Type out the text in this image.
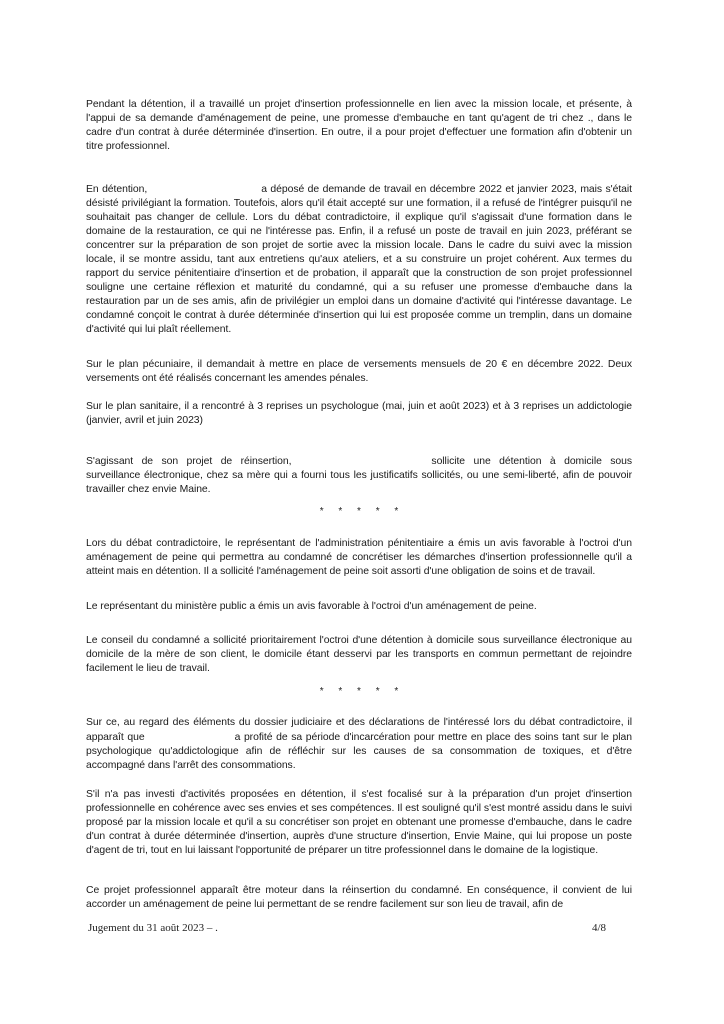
Pendant la détention, il a travaillé un projet d'insertion professionnelle en lien avec la mission locale, et présente, à l'appui de sa demande d'aménagement de peine, une promesse d'embauche en tant qu'agent de tri chez ., dans le cadre d'un contrat à durée déterminée d'insertion. En outre, il a pour projet d'effectuer une formation afin d'obtenir un titre professionnel.
En détention,	a déposé de demande de travail en décembre 2022 et janvier 2023, mais s'était désisté privilégiant la formation. Toutefois, alors qu'il était accepté sur une formation, il a refusé de l'intégrer puisqu'il ne souhaitait pas changer de cellule. Lors du débat contradictoire, il explique qu'il s'agissait d'une formation dans le domaine de la restauration, ce qui ne l'intéresse pas. Enfin, il a refusé un poste de travail en juin 2023, préférant se concentrer sur la préparation de son projet de sortie avec la mission locale. Dans le cadre du suivi avec la mission locale, il se montre assidu, tant aux entretiens qu'aux ateliers, et a su construire un projet cohérent. Aux termes du rapport du service pénitentiaire d'insertion et de probation, il apparaît que la construction de son projet professionnel souligne une certaine réflexion et maturité du condamné, qui a su refuser une promesse d'embauche dans la restauration par un de ses amis, afin de privilégier un emploi dans un domaine d'activité qui l'intéresse davantage. Le condamné conçoit le contrat à durée déterminée d'insertion qui lui est proposée comme un tremplin, dans un domaine d'activité qui lui plaît réellement.
Sur le plan pécuniaire, il demandait à mettre en place de versements mensuels de 20 € en décembre 2022. Deux versements ont été réalisés concernant les amendes pénales.
Sur le plan sanitaire, il a rencontré à 3 reprises un psychologue (mai, juin et août 2023) et à 3 reprises un addictologie (janvier, avril et juin 2023)
S'agissant de son projet de réinsertion,	sollicite une détention à domicile sous surveillance électronique, chez sa mère qui a fourni tous les justificatifs sollicités, ou une semi-liberté, afin de pouvoir travailler chez envie Maine.
* * * * *
Lors du débat contradictoire, le représentant de l'administration pénitentiaire a émis un avis favorable à l'octroi d'un aménagement de peine qui permettra au condamné de concrétiser les démarches d'insertion professionnelle qu'il a atteint mais en détention. Il a sollicité l'aménagement de peine soit assorti d'une obligation de soins et de travail.
Le représentant du ministère public a émis un avis favorable à l'octroi d'un aménagement de peine.
Le conseil du condamné a sollicité prioritairement l'octroi d'une détention à domicile sous surveillance électronique au domicile de la mère de son client, le domicile étant desservi par les transports en commun permettant de rejoindre facilement le lieu de travail.
* * * * *
Sur ce, au regard des éléments du dossier judiciaire et des déclarations de l'intéressé lors du débat contradictoire, il apparaît que	a profité de sa période d'incarcération pour mettre en place des soins tant sur le plan psychologique qu'addictologique afin de réfléchir sur les causes de sa consommation de toxiques, et d'être accompagné dans l'arrêt des consommations.
S'il n'a pas investi d'activités proposées en détention, il s'est focalisé sur à la préparation d'un projet d'insertion professionnelle en cohérence avec ses envies et ses compétences. Il est souligné qu'il s'est montré assidu dans le suivi proposé par la mission locale et qu'il a su concrétiser son projet en obtenant une promesse d'embauche, dans le cadre d'un contrat à durée déterminée d'insertion, auprès d'une structure d'insertion, Envie Maine, qui lui propose un poste d'agent de tri, tout en lui laissant l'opportunité de préparer un titre professionnel dans le domaine de la logistique.
Ce projet professionnel apparaît être moteur dans la réinsertion du condamné. En conséquence, il convient de lui accorder un aménagement de peine lui permettant de se rendre facilement sur son lieu de travail, afin de
Jugement du 31 août 2023 – .	4/8
